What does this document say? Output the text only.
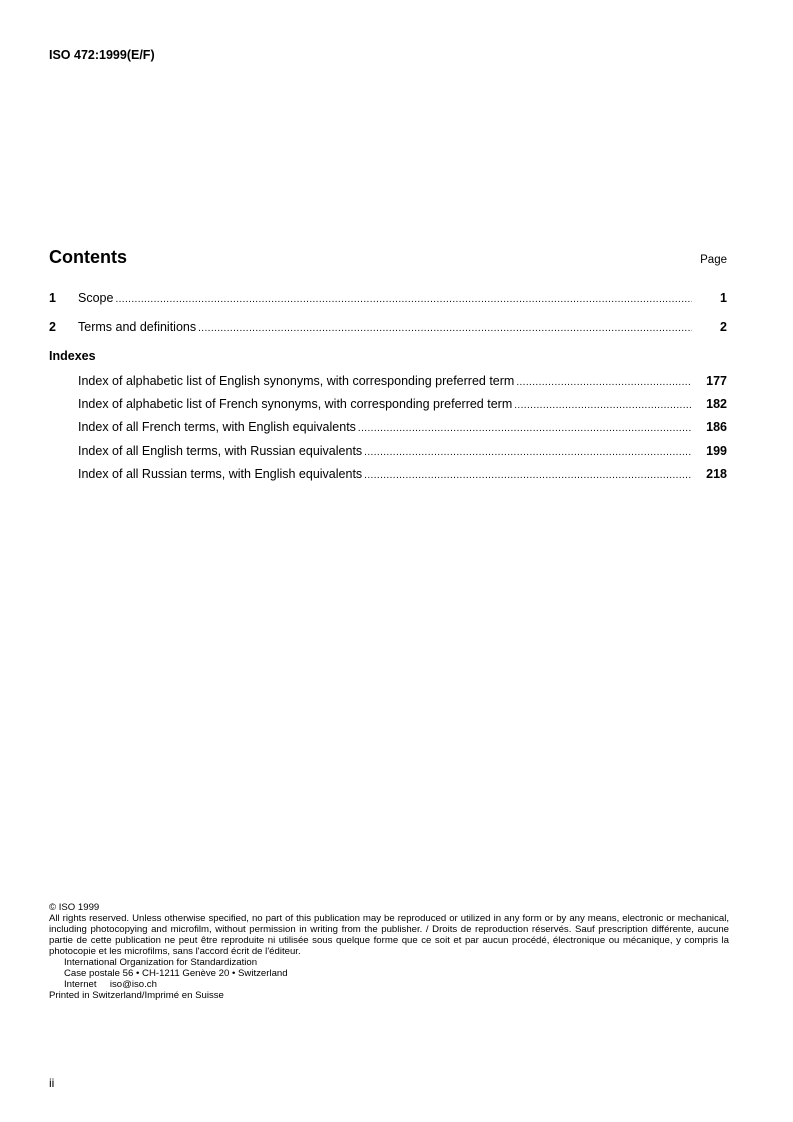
ISO 472:1999(E/F)
Contents	Page
1	Scope .....	1
2	Terms and definitions .....	2
Indexes
Index of alphabetic list of English synonyms, with corresponding preferred term .....	177
Index of alphabetic list of French synonyms, with corresponding preferred term .....	182
Index of all French terms, with English equivalents .....	186
Index of all English terms, with Russian equivalents .....	199
Index of all Russian terms, with English equivalents .....	218
© ISO 1999
All rights reserved. Unless otherwise specified, no part of this publication may be reproduced or utilized in any form or by any means, electronic or mechanical, including photocopying and microfilm, without permission in writing from the publisher. / Droits de reproduction réservés. Sauf prescription différente, aucune partie de cette publication ne peut être reproduite ni utilisée sous quelque forme que ce soit et par aucun procédé, électronique ou mécanique, y compris la photocopie et les microfilms, sans l'accord écrit de l'éditeur.
International Organization for Standardization
Case postale 56 • CH-1211 Genève 20 • Switzerland
Internet     iso@iso.ch
Printed in Switzerland/Imprimé en Suisse
ii
